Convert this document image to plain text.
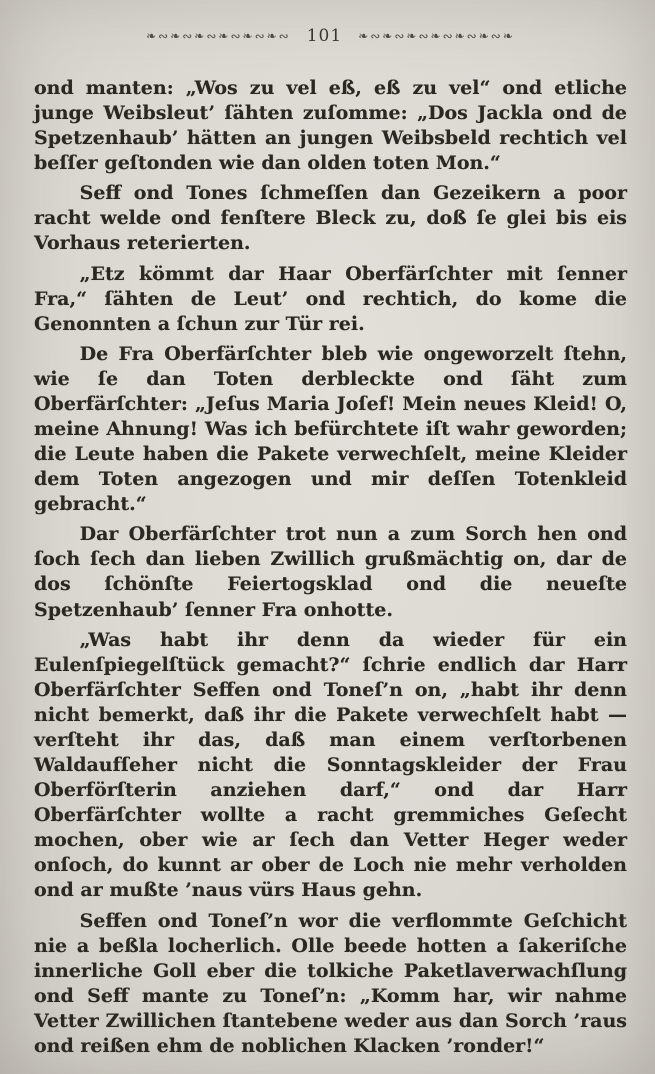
❧∾❧∾❧∾❧∾❧∾❧∾ 101 ❧∾❧∾❧∾❧∾❧∾❧∾❧

ond manten: „Wos zu vel eß, eß zu vel“ ond etliche junge Weibsleut’ ſähten zuſomme: „Dos Jackla ond de Spetzenhaub’ hätten an jungen Weibsbeld rechtich vel beſſer geſtonden wie dan olden toten Mon.“

Seff ond Tones ſchmeſſen dan Gezeikern a poor racht welde ond fenſtere Bleck zu, doß ſe glei bis eis Vorhaus reterierten.

„Etz kömmt dar Haar Oberfärſchter mit ſenner Fra,“ ſähten de Leut’ ond rechtich, do kome die Genonnten a ſchun zur Tür rei.

De Fra Oberfärſchter bleb wie ongeworzelt ſtehn, wie ſe dan Toten derbleckte ond ſäht zum Oberfärſchter: „Jeſus Maria Joſef! Mein neues Kleid! O, meine Ahnung! Was ich befürchtete iſt wahr geworden; die Leute haben die Pakete verwechſelt, meine Kleider dem Toten angezogen und mir deſſen Totenkleid gebracht.“

Dar Oberfärſchter trot nun a zum Sorch hen ond ſoch ſech dan lieben Zwillich grußmächtig on, dar de dos ſchönſte Feiertogsklad ond die neueſte Spetzenhaub’ ſenner Fra onhotte.

„Was habt ihr denn da wieder für ein Eulenſpiegelſtück gemacht?“ ſchrie endlich dar Harr Oberfärſchter Seffen ond Toneſ’n on, „habt ihr denn nicht bemerkt, daß ihr die Pakete verwechſelt habt — verſteht ihr das, daß man einem verſtorbenen Waldaufſeher nicht die Sonntagskleider der Frau Oberförſterin anziehen darf,“ ond dar Harr Oberfärſchter wollte a racht gremmiches Geſecht mochen, ober wie ar ſech dan Vetter Heger weder onſoch, do kunnt ar ober de Loch nie mehr verholden ond ar mußte ’naus vürs Haus gehn.

Seffen ond Toneſ’n wor die verflommte Geſchicht nie a beßla locherlich. Olle beede hotten a ſakeriſche innerliche Goll eber die tolkiche Paketlaverwachſlung ond Seff mante zu Toneſ’n: „Komm har, wir nahme Vetter Zwillichen ſtantebene weder aus dan Sorch ’raus ond reißen ehm de noblichen Klacken ’ronder!“
